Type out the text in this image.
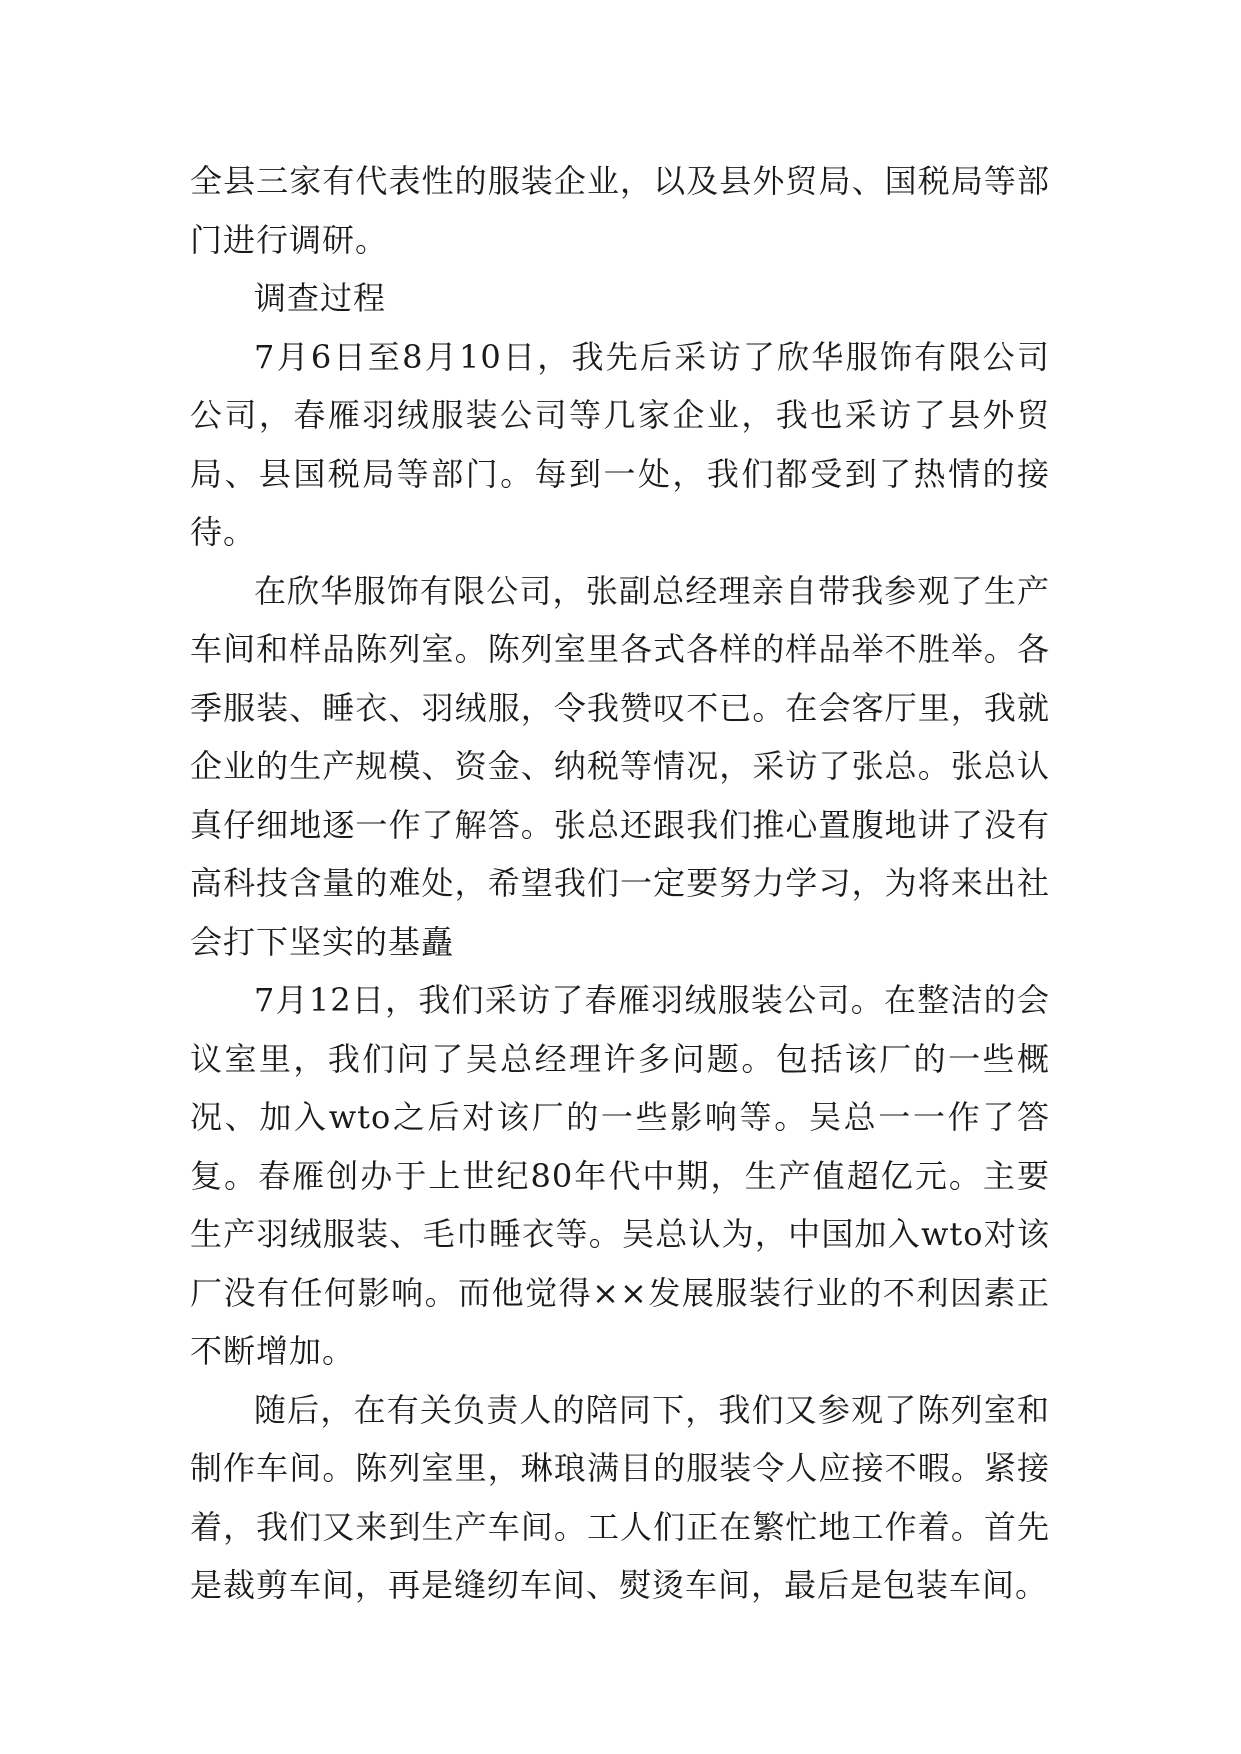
全县三家有代表性的服装企业，以及县外贸局、国税局等部门进行调研。

调查过程

7月6日至8月10日，我先后采访了欣华服饰有限公司公司，春雁羽绒服装公司等几家企业，我也采访了县外贸局、县国税局等部门。每到一处，我们都受到了热情的接待。

在欣华服饰有限公司，张副总经理亲自带我参观了生产车间和样品陈列室。陈列室里各式各样的样品举不胜举。各季服装、睡衣、羽绒服，令我赞叹不已。在会客厅里，我就企业的生产规模、资金、纳税等情况，采访了张总。张总认真仔细地逐一作了解答。张总还跟我们推心置腹地讲了没有高科技含量的难处，希望我们一定要努力学习，为将来出社会打下坚实的基矗

7月12日，我们采访了春雁羽绒服装公司。在整洁的会议室里，我们问了吴总经理许多问题。包括该厂的一些概况、加入wto之后对该厂的一些影响等。吴总一一作了答复。春雁创办于上世纪80年代中期，生产值超亿元。主要生产羽绒服装、毛巾睡衣等。吴总认为，中国加入wto对该厂没有任何影响。而他觉得××发展服装行业的不利因素正不断增加。

随后，在有关负责人的陪同下，我们又参观了陈列室和制作车间。陈列室里，琳琅满目的服装令人应接不暇。紧接着，我们又来到生产车间。工人们正在繁忙地工作着。首先是裁剪车间，再是缝纫车间、熨烫车间，最后是包装车间。
